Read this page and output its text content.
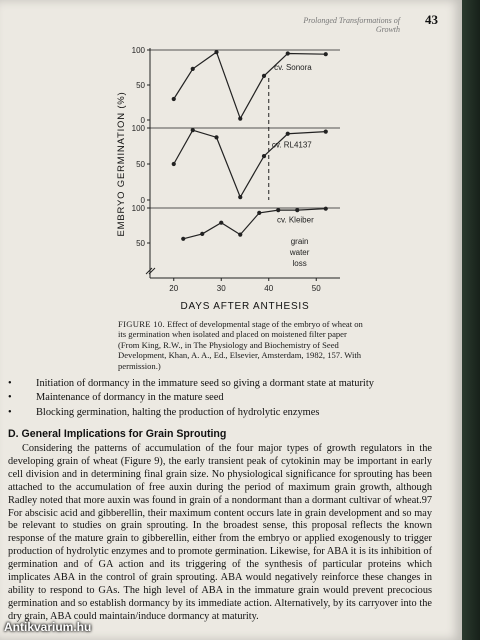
Prolonged Transformations of Growth
43
0
50
100
cv. Sonora
0
50
100
cv. RL4137
50
100
cv. Kleiber
grain
water
loss
20	30	40	50
DAYS AFTER ANTHESIS
EMBRYO GERMINATION (%)
FIGURE 10. Effect of developmental stage of the embryo of wheat on its germination when isolated and placed on moistened filter paper (From King, R.W., in The Physiology and Biochemistry of Seed Development, Khan, A. A., Ed., Elsevier, Amsterdam, 1982, 157. With permission.)
• Initiation of dormancy in the immature seed so giving a dormant state at maturity
• Maintenance of dormancy in the mature seed
• Blocking germination, halting the production of hydrolytic enzymes
D. General Implications for Grain Sprouting

Considering the patterns of accumulation of the four major types of growth regulators in the developing grain of wheat (Figure 9), the early transient peak of cytokinin may be important in early cell division and in determining final grain size. No physiological significance for sprouting has been attached to the accumulation of free auxin during the period of maximum grain growth, although Radley noted that more auxin was found in grain of a nondormant than a dormant cultivar of wheat.97 For abscisic acid and gibberellin, their maximum content occurs late in grain development and so may be relevant to studies on grain sprouting. In the broadest sense, this proposal reflects the known response of the mature grain to gibberellin, either from the embryo or applied exogenously to trigger production of hydrolytic enzymes and to promote germination. Likewise, for ABA it is its inhibition of germination and of GA action and its triggering of the synthesis of particular proteins which implicates ABA in the control of grain sprouting. ABA would negatively reinforce these changes in ability to respond to GAs. The high level of ABA in the immature grain would prevent precocious germination and so establish dormancy by its immediate action. Alternatively, by its carryover into the dry grain, ABA could maintain/induce dormancy at maturity.

Antikvarium.hu
